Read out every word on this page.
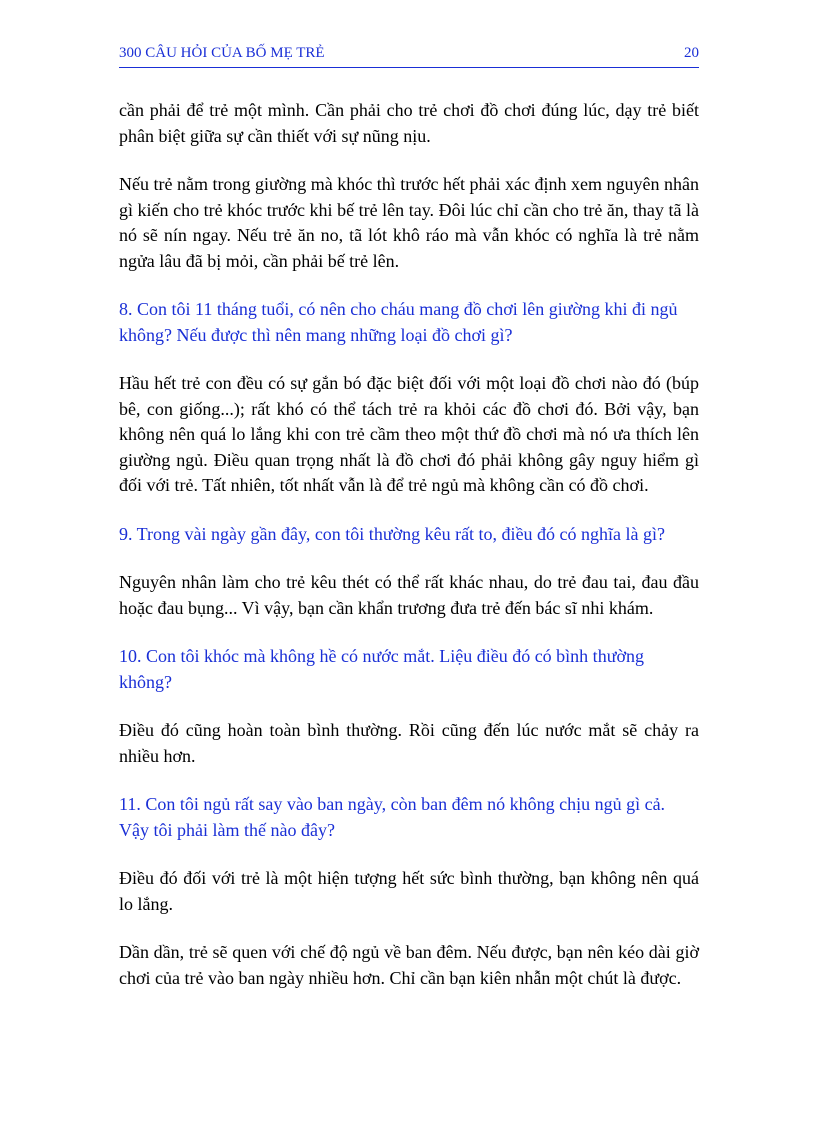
300 CÂU HỎI CỦA BỐ MẸ TRẺ	20

cần phải để trẻ một mình. Cần phải cho trẻ chơi đồ chơi đúng lúc, dạy trẻ biết phân biệt giữa sự cần thiết với sự nũng nịu.

Nếu trẻ nằm trong giường mà khóc thì trước hết phải xác định xem nguyên nhân gì kiến cho trẻ khóc trước khi bế trẻ lên tay. Đôi lúc chỉ cần cho trẻ ăn, thay tã là nó sẽ nín ngay. Nếu trẻ ăn no, tã lót khô ráo mà vẫn khóc có nghĩa là trẻ nằm ngửa lâu đã bị mỏi, cần phải bế trẻ lên.

8. Con tôi 11 tháng tuổi, có nên cho cháu mang đồ chơi lên giường khi đi ngủ không? Nếu được thì nên mang những loại đồ chơi gì?

Hầu hết trẻ con đều có sự gắn bó đặc biệt đối với một loại đồ chơi nào đó (búp bê, con giống...); rất khó có thể tách trẻ ra khỏi các đồ chơi đó. Bởi vậy, bạn không nên quá lo lắng khi con trẻ cầm theo một thứ đồ chơi mà nó ưa thích lên giường ngủ. Điều quan trọng nhất là đồ chơi đó phải không gây nguy hiểm gì đối với trẻ. Tất nhiên, tốt nhất vẫn là để trẻ ngủ mà không cần có đồ chơi.

9. Trong vài ngày gần đây, con tôi thường kêu rất to, điều đó có nghĩa là gì?

Nguyên nhân làm cho trẻ kêu thét có thể rất khác nhau, do trẻ đau tai, đau đầu hoặc đau bụng... Vì vậy, bạn cần khẩn trương đưa trẻ đến bác sĩ nhi khám.

10. Con tôi khóc mà không hề có nước mắt. Liệu điều đó có bình thường không?

Điều đó cũng hoàn toàn bình thường. Rồi cũng đến lúc nước mắt sẽ chảy ra nhiều hơn.

11. Con tôi ngủ rất say vào ban ngày, còn ban đêm nó không chịu ngủ gì cả. Vậy tôi phải làm thế nào đây?

Điều đó đối với trẻ là một hiện tượng hết sức bình thường, bạn không nên quá lo lắng.

Dần dần, trẻ sẽ quen với chế độ ngủ về ban đêm. Nếu được, bạn nên kéo dài giờ chơi của trẻ vào ban ngày nhiều hơn. Chỉ cần bạn kiên nhẫn một chút là được.
